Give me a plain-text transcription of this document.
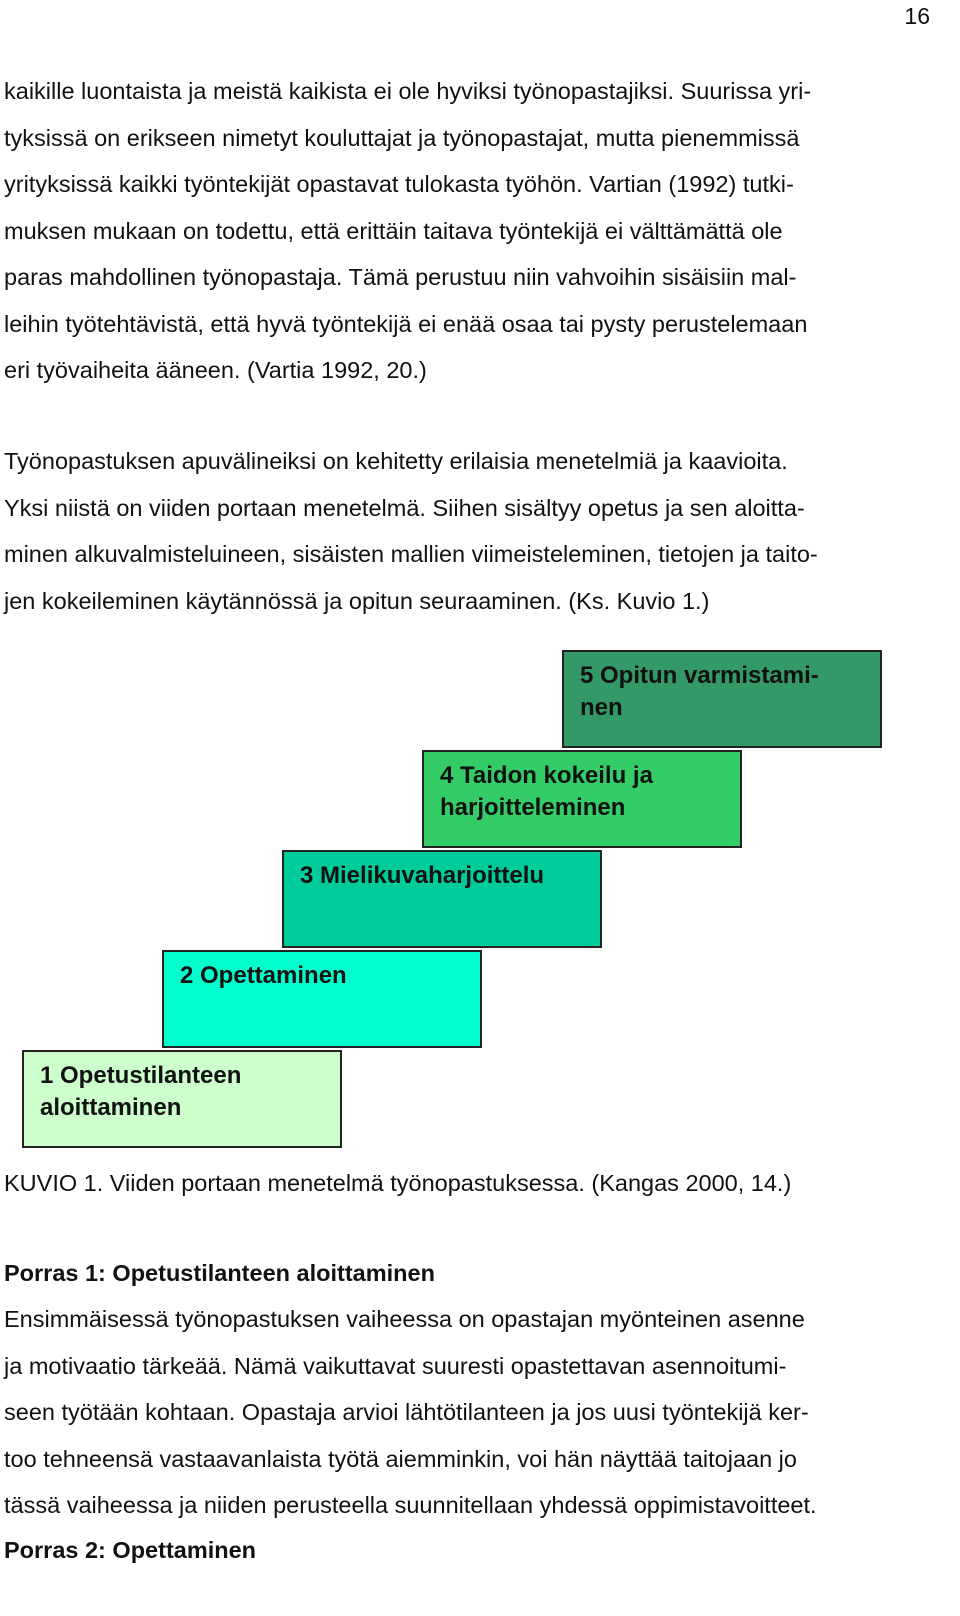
16

kaikille luontaista ja meistä kaikista ei ole hyviksi työnopastajiksi. Suurissa yri-
tyksissä on erikseen nimetyt kouluttajat ja työnopastajat, mutta pienemmissä
yrityksissä kaikki työntekijät opastavat tulokasta työhön. Vartian (1992) tutki-
muksen mukaan on todettu, että erittäin taitava työntekijä ei välttämättä ole
paras mahdollinen työnopastaja. Tämä perustuu niin vahvoihin sisäisiin mal-
leihin työtehtävistä, että hyvä työntekijä ei enää osaa tai pysty perustelemaan
eri työvaiheita ääneen. (Vartia 1992, 20.)

Työnopastuksen apuvälineiksi on kehitetty erilaisia menetelmiä ja kaavioita.
Yksi niistä on viiden portaan menetelmä. Siihen sisältyy opetus ja sen aloitta-
minen alkuvalmisteluineen, sisäisten mallien viimeisteleminen, tietojen ja taito-
jen kokeileminen käytännössä ja opitun seuraaminen. (Ks. Kuvio 1.)

5 Opitun varmistami-
nen
4 Taidon kokeilu ja
harjoitteleminen
3 Mielikuvaharjoittelu
2 Opettaminen
1 Opetustilanteen
aloittaminen

KUVIO 1. Viiden portaan menetelmä työnopastuksessa. (Kangas 2000, 14.)

Porras 1: Opetustilanteen aloittaminen

Ensimmäisessä työnopastuksen vaiheessa on opastajan myönteinen asenne
ja motivaatio tärkeää. Nämä vaikuttavat suuresti opastettavan asennoitumi-
seen työtään kohtaan. Opastaja arvioi lähtötilanteen ja jos uusi työntekijä ker-
too tehneensä vastaavanlaista työtä aiemminkin, voi hän näyttää taitojaan jo
tässä vaiheessa ja niiden perusteella suunnitellaan yhdessä oppimistavoitteet.

Porras 2: Opettaminen
